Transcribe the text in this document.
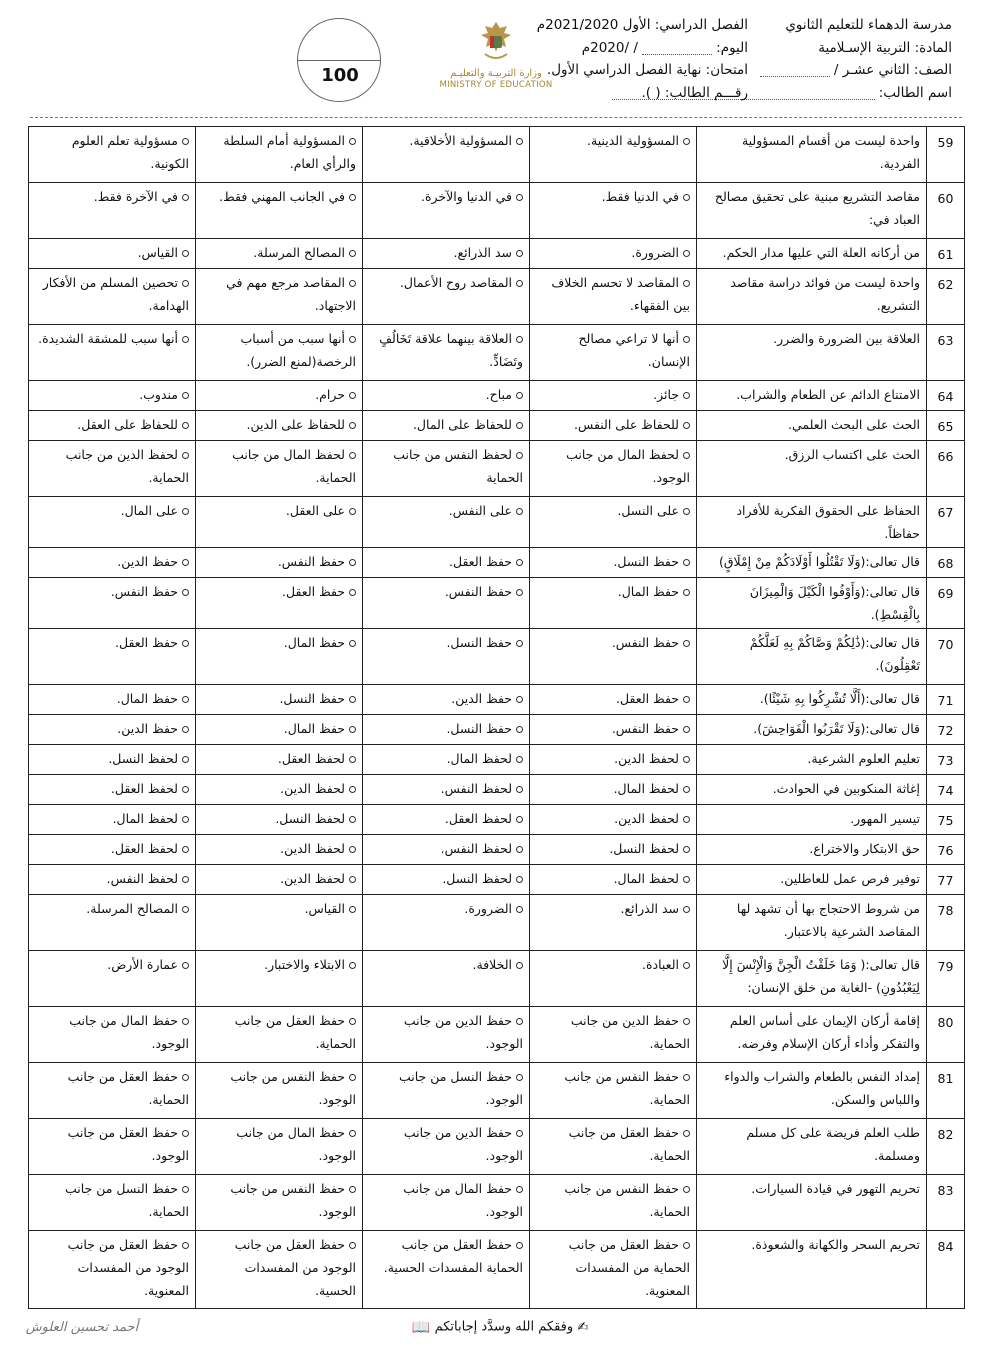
مدرسة الدهماء للتعليم الثانوي
المادة: التربية الإسـلامية
الصف: الثاني عشـر /
اسم الطالب:
الفصل الدراسي: الأول 2021/2020م
اليوم: / /2020م
امتحان: نهاية الفصل الدراسي الأول.
رقـــم الطالب: ( ).
100	وزارة التربيـة والتعليـم
MINISTRY OF EDUCATION
59	واحدة ليست من أقسام المسؤولية الفردية.	المسؤولية الدينية.	المسؤولية الأخلاقية.	المسؤولية أمام السلطة والرأي العام.	مسؤولية تعلم العلوم الكونية.
60	مقاصد التشريع مبنية على تحقيق مصالح العباد في:	في الدنيا فقط.	في الدنيا والآخرة.	في الجانب المهني فقط.	في الآخرة فقط.
61	من أركانه العلة التي عليها مدار الحكم.	الضرورة.	سد الذرائع.	المصالح المرسلة.	القياس.
62	واحدة ليست من فوائد دراسة مقاصد التشريع.	المقاصد لا تحسم الخلاف بين الفقهاء.	المقاصد روح الأعمال.	المقاصد مرجع مهم في الاجتهاد.	تحصين المسلم من الأفكار الهدامة.
63	العلاقة بين الضرورة والضرر.	أنها لا تراعي مصالح الإنسان.	العلاقة بينهما علاقة تَخَالُفٍ وتَضَادٍّ.	أنها سبب من أسباب الرخصة(لمنع الضرر).	أنها سبب للمشقة الشديدة.
64	الامتناع الدائم عن الطعام والشراب.	جائز.	مباح.	حرام.	مندوب.
65	الحث على البحث العلمي.	للحفاظ على النفس.	للحفاظ على المال.	للحفاظ على الدين.	للحفاظ على العقل.
66	الحث على اكتساب الرزق.	لحفظ المال من جانب الوجود.	لحفظ النفس من جانب الحماية	لحفظ المال من جانب الحماية.	لحفظ الدين من جانب الحماية.
67	الحفاظ على الحقوق الفكرية للأفراد حفاظاً.	على النسل.	على النفس.	على العقل.	على المال.
68	قال تعالى:(وَلَا تَقْتُلُوا أَوْلَادَكُمْ مِنْ إِمْلَاقٍ)	حفظ النسل.	حفظ العقل.	حفظ النفس.	حفظ الدين.
69	قال تعالى:(وَأَوْفُوا الْكَيْلَ وَالْمِيزَانَ بِالْقِسْطِ).	حفظ المال.	حفظ النفس.	حفظ العقل.	حفظ النفس.
70	قال تعالى:(ذَٰلِكُمْ وَصَّاكُمْ بِهِ لَعَلَّكُمْ تَعْقِلُونَ).	حفظ النفس.	حفظ النسل.	حفظ المال.	حفظ العقل.
71	قال تعالى:(أَلَّا تُشْرِكُوا بِهِ شَيْئًا).	حفظ العقل.	حفظ الدين.	حفظ النسل.	حفظ المال.
72	قال تعالى:(وَلَا تَقْرَبُوا الْفَوَاحِشَ).	حفظ النفس.	حفظ النسل.	حفظ المال.	حفظ الدين.
73	تعليم العلوم الشرعية.	لحفظ الدين.	لحفظ المال.	لحفظ العقل.	لحفظ النسل.
74	إغاثة المنكوبين في الحوادث.	لحفظ المال.	لحفظ النفس.	لحفظ الدين.	لحفظ العقل.
75	تيسير المهور.	لحفظ الدين.	لحفظ العقل.	لحفظ النسل.	لحفظ المال.
76	حق الابتكار والاختراع.	لحفظ النسل.	لحفظ النفس.	لحفظ الدين.	لحفظ العقل.
77	توفير فرص عمل للعاطلين.	لحفظ المال.	لحفظ النسل.	لحفظ الدين.	لحفظ النفس.
78	من شروط الاحتجاج بها أن تشهد لها المقاصد الشرعية بالاعتبار.	سد الذرائع.	الضرورة.	القياس.	المصالح المرسلة.
79	قال تعالى:( وَمَا خَلَقْتُ الْجِنَّ وَالْإِنْسَ إِلَّا لِيَعْبُدُونِ) -الغاية من خلق الإنسان:	العبادة.	الخلافة.	الابتلاء والاختبار.	عمارة الأرض.
80	إقامة أركان الإيمان على أساس العلم والتفكر وأداء أركان الإسلام وفرضه.	حفظ الدين من جانب الحماية.	حفظ الدين من جانب الوجود.	حفظ العقل من جانب الحماية.	حفظ المال من جانب الوجود.
81	إمداد النفس بالطعام والشراب والدواء واللباس والسكن.	حفظ النفس من جانب الحماية.	حفظ النسل من جانب الوجود.	حفظ النفس من جانب الوجود.	حفظ العقل من جانب الحماية.
82	طلب العلم فريضة على كل مسلم ومسلمة.	حفظ العقل من جانب الحماية.	حفظ الدين من جانب الوجود.	حفظ المال من جانب الوجود.	حفظ العقل من جانب الوجود.
83	تحريم التهور في قيادة السيارات.	حفظ النفس من جانب الحماية.	حفظ المال من جانب الوجود.	حفظ النفس من جانب الوجود.	حفظ النسل من جانب الحماية.
84	تحريم السحر والكهانة والشعوذة.	حفظ العقل من جانب الحماية من المفسدات المعنوية.	حفظ العقل من جانب الحماية المفسدات الحسية.	حفظ العقل من جانب الوجود من المفسدات الحسية.	حفظ العقل من جانب الوجود من المفسدات المعنوية.
✍ وفقكم الله وسدَّد إجاباتكم 📖
أحمد تحسين العلوش
